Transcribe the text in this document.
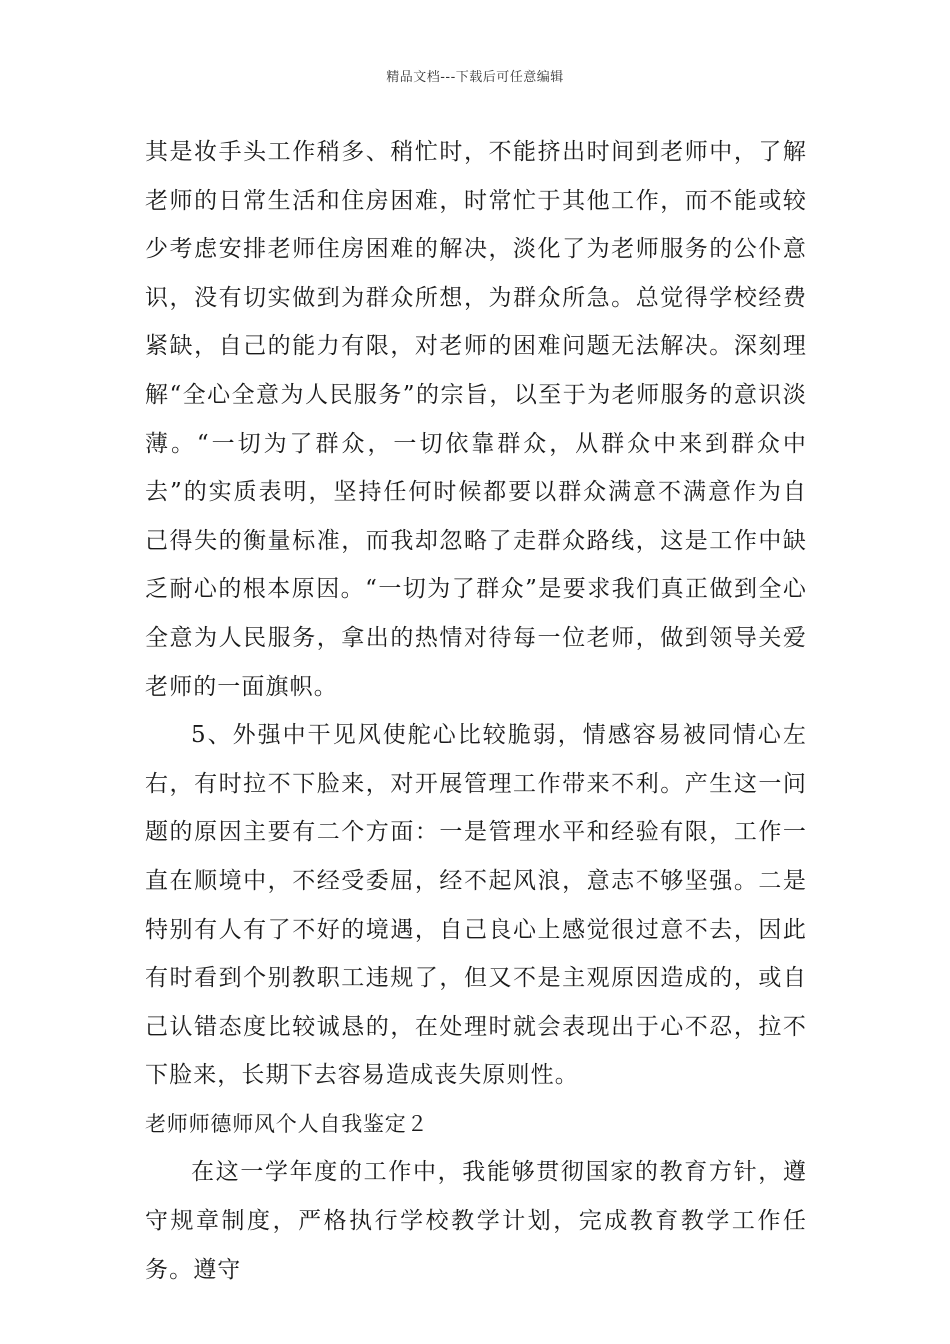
精品文档---下载后可任意编辑

其是妆手头工作稍多、稍忙时，不能挤出时间到老师中，了解老师的日常生活和住房困难，时常忙于其他工作，而不能或较少考虑安排老师住房困难的解决，淡化了为老师服务的公仆意识，没有切实做到为群众所想，为群众所急。总觉得学校经费紧缺，自己的能力有限，对老师的困难问题无法解决。深刻理解“全心全意为人民服务”的宗旨，以至于为老师服务的意识淡薄。“一切为了群众，一切依靠群众，从群众中来到群众中去”的实质表明，坚持任何时候都要以群众满意不满意作为自己得失的衡量标准，而我却忽略了走群众路线，这是工作中缺乏耐心的根本原因。“一切为了群众”是要求我们真正做到全心全意为人民服务，拿出的热情对待每一位老师，做到领导关爱老师的一面旗帜。

5、外强中干见风使舵心比较脆弱，情感容易被同情心左右，有时拉不下脸来，对开展管理工作带来不利。产生这一问题的原因主要有二个方面：一是管理水平和经验有限，工作一直在顺境中，不经受委屈，经不起风浪，意志不够坚强。二是特别有人有了不好的境遇，自己良心上感觉很过意不去，因此有时看到个别教职工违规了，但又不是主观原因造成的，或自己认错态度比较诚恳的，在处理时就会表现出于心不忍，拉不下脸来，长期下去容易造成丧失原则性。

老师师德师风个人自我鉴定２

在这一学年度的工作中，我能够贯彻国家的教育方针，遵守规章制度，严格执行学校教学计划，完成教育教学工作任务。遵守
